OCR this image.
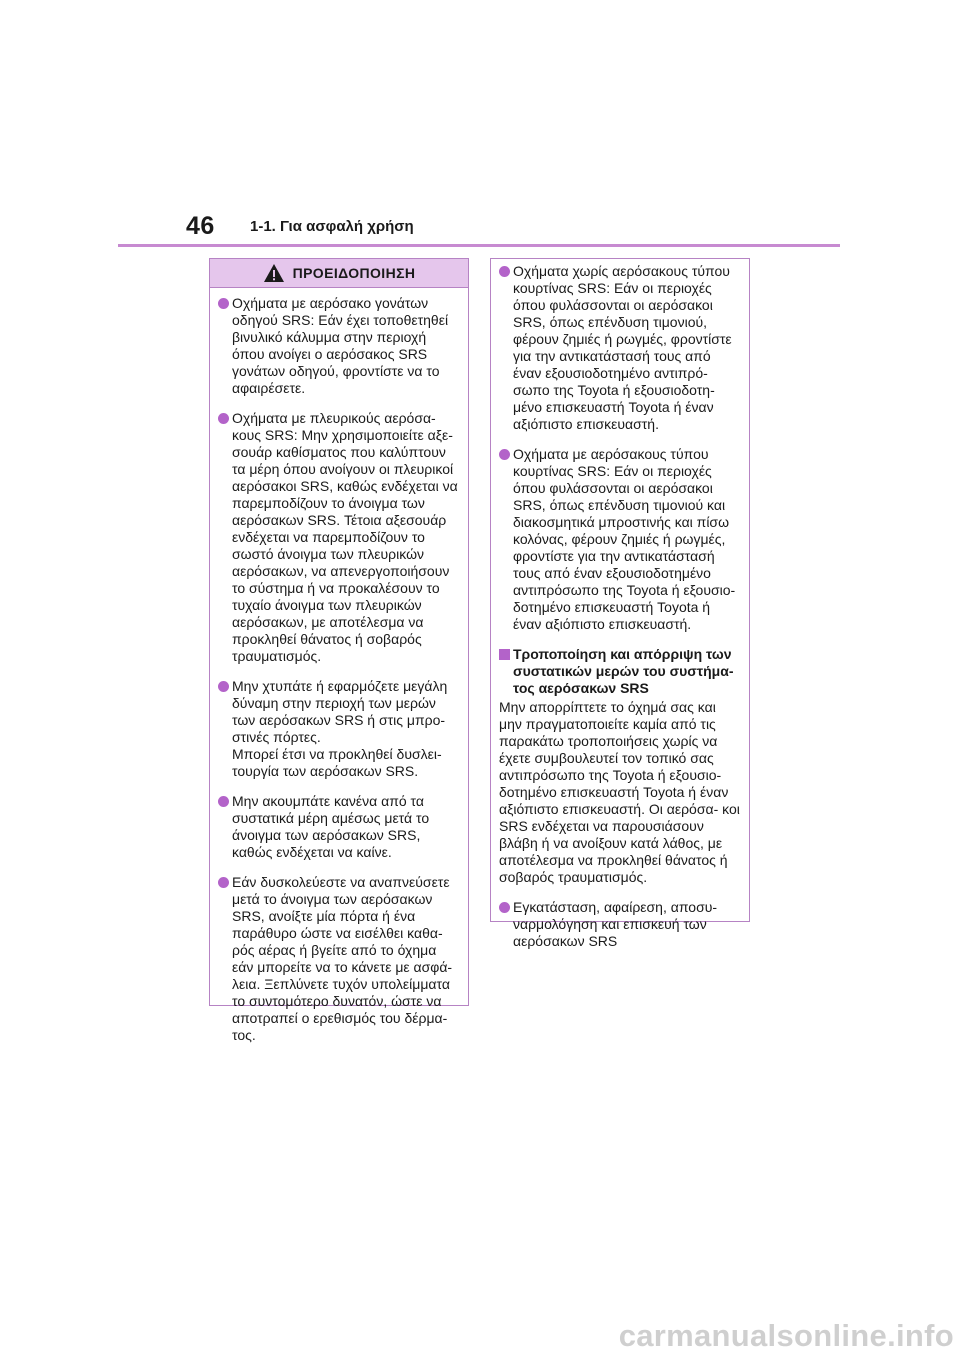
46 1-1. Για ασφαλή χρήση
ΠΡΟΕΙΔΟΠΟΙΗΣΗ

Οχήματα με αερόσακο γονάτων οδηγού SRS: Εάν έχει τοποθετηθεί βινυλικό κάλυμμα στην περιοχή όπου ανοίγει ο αερόσακος SRS γονάτων οδηγού, φροντίστε να το αφαιρέσετε.

Οχήματα με πλευρικούς αερόσα- κους SRS: Μην χρησιμοποιείτε αξε- σουάρ καθίσματος που καλύπτουν τα μέρη όπου ανοίγουν οι πλευρικοί αερόσακοι SRS, καθώς ενδέχεται να παρεμποδίζουν το άνοιγμα των αερόσακων SRS. Τέτοια αξεσουάρ ενδέχεται να παρεμποδίζουν το σωστό άνοιγμα των πλευρικών αερόσακων, να απενεργοποιήσουν το σύστημα ή να προκαλέσουν το τυχαίο άνοιγμα των πλευρικών αερόσακων, με αποτέλεσμα να προκληθεί θάνατος ή σοβαρός τραυματισμός.

Μην χτυπάτε ή εφαρμόζετε μεγάλη δύναμη στην περιοχή των μερών των αερόσακων SRS ή στις μπρο- στινές πόρτες.

Μπορεί έτσι να προκληθεί δυσλει- τουργία των αερόσακων SRS.

Μην ακουμπάτε κανένα από τα συστατικά μέρη αμέσως μετά το άνοιγμα των αερόσακων SRS, καθώς ενδέχεται να καίνε.

Εάν δυσκολεύεστε να αναπνεύσετε μετά το άνοιγμα των αερόσακων SRS, ανοίξτε μία πόρτα ή ένα παράθυρο ώστε να εισέλθει καθα- ρός αέρας ή βγείτε από το όχημα εάν μπορείτε να το κάνετε με ασφά- λεια. Ξεπλύνετε τυχόν υπολείμματα το συντομότερο δυνατόν, ώστε να αποτραπεί ο ερεθισμός του δέρμα- τος.

Οχήματα χωρίς αερόσακους τύπου κουρτίνας SRS: Εάν οι περιοχές όπου φυλάσσονται οι αερόσακοι SRS, όπως επένδυση τιμονιού, φέρουν ζημιές ή ρωγμές, φροντίστε για την αντικατάστασή τους από έναν εξουσιοδοτημένο αντιπρό- σωπο της Toyota ή εξουσιοδοτη- μένο επισκευαστή Toyota ή έναν αξιόπιστο επισκευαστή.

Οχήματα με αερόσακους τύπου κουρτίνας SRS: Εάν οι περιοχές όπου φυλάσσονται οι αερόσακοι SRS, όπως επένδυση τιμονιού και διακοσμητικά μπροστινής και πίσω κολόνας, φέρουν ζημιές ή ρωγμές, φροντίστε για την αντικατάστασή τους από έναν εξουσιοδοτημένο αντιπρόσωπο της Toyota ή εξουσιο- δοτημένο επισκευαστή Toyota ή έναν αξιόπιστο επισκευαστή.

Τροποποίηση και απόρριψη των συστατικών μερών του συστήμα- τος αερόσακων SRS

Μην απορρίπτετε το όχημά σας και μην πραγματοποιείτε καμία από τις παρακάτω τροποποιήσεις χωρίς να έχετε συμβουλευτεί τον τοπικό σας αντιπρόσωπο της Toyota ή εξουσιο- δοτημένο επισκευαστή Toyota ή έναν αξιόπιστο επισκευαστή. Οι αερόσα- κοι SRS ενδέχεται να παρουσιάσουν βλάβη ή να ανοίξουν κατά λάθος, με αποτέλεσμα να προκληθεί θάνατος ή σοβαρός τραυματισμός.

Εγκατάσταση, αφαίρεση, αποσυ- ναρμολόγηση και επισκευή των αερόσακων SRS

carmanualsonline.info
